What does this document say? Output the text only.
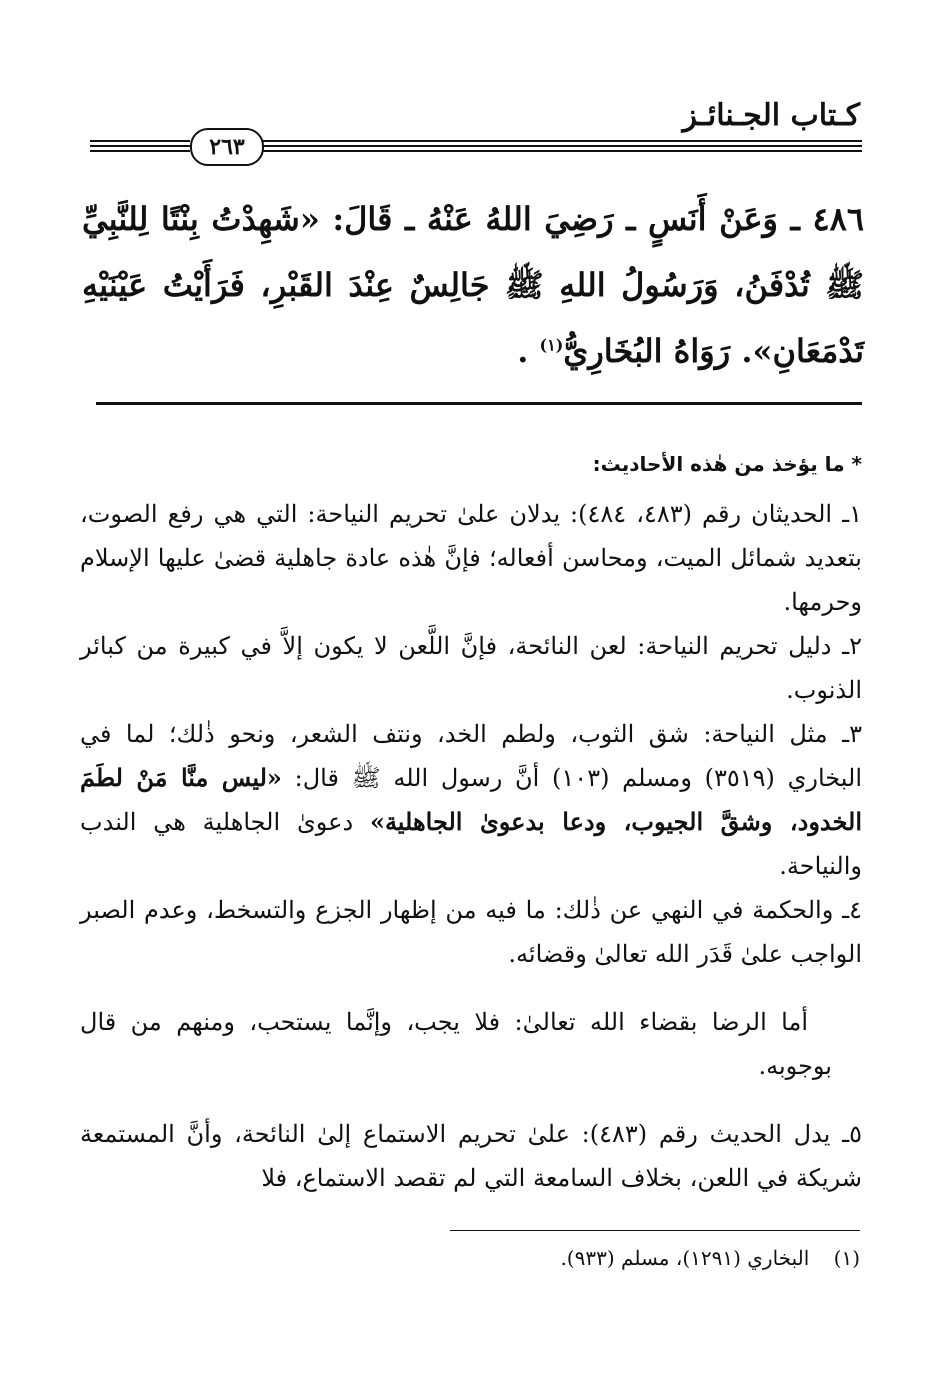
كـتاب الجـنائـز
٢٦٣
٤٨٦ ـ وَعَنْ أَنَسٍ ـ رَضِيَ اللهُ عَنْهُ ـ قَالَ: «شَهِدْتُ بِنْتًا لِلنَّبِيِّ ﷺ تُدْفَنُ، وَرَسُولُ اللهِ ﷺ جَالِسٌ عِنْدَ القَبْرِ، فَرَأَيْتُ عَيْنَيْهِ تَدْمَعَانِ». رَوَاهُ البُخَارِيُّ$^{(١)}$ .
* ما يؤخذ من هٰذه الأحاديث:

١ـ الحديثان رقم (٤٨٣، ٤٨٤): يدلان علىٰ تحريم النياحة: التي هي رفع الصوت، بتعديد شمائل الميت، ومحاسن أفعاله؛ فإنَّ هٰذه عادة جاهلية قضىٰ عليها الإسلام وحرمها.

٢ـ دليل تحريم النياحة: لعن النائحة، فإنَّ اللَّعن لا يكون إلاَّ في كبيرة من كبائر الذنوب.

٣ـ مثل النياحة: شق الثوب، ولطم الخد، ونتف الشعر، ونحو ذٰلك؛ لما في البخاري (٣٥١٩) ومسلم (١٠٣) أنَّ رسول الله ﷺ قال: «ليس منَّا مَنْ لطَمَ الخدود، وشقَّ الجيوب، ودعا بدعوىٰ الجاهلية» دعوىٰ الجاهلية هي الندب والنياحة.

٤ـ والحكمة في النهي عن ذٰلك: ما فيه من إظهار الجزع والتسخط، وعدم الصبر الواجب علىٰ قَدَر الله تعالىٰ وقضائه.

أما الرضا بقضاء الله تعالىٰ: فلا يجب، وإنَّما يستحب، ومنهم من قال بوجوبه.

٥ـ يدل الحديث رقم (٤٨٣): علىٰ تحريم الاستماع إلىٰ النائحة، وأنَّ المستمعة شريكة في اللعن، بخلاف السامعة التي لم تقصد الاستماع، فلا

(١) البخاري (١٢٩١)، مسلم (٩٣٣).
